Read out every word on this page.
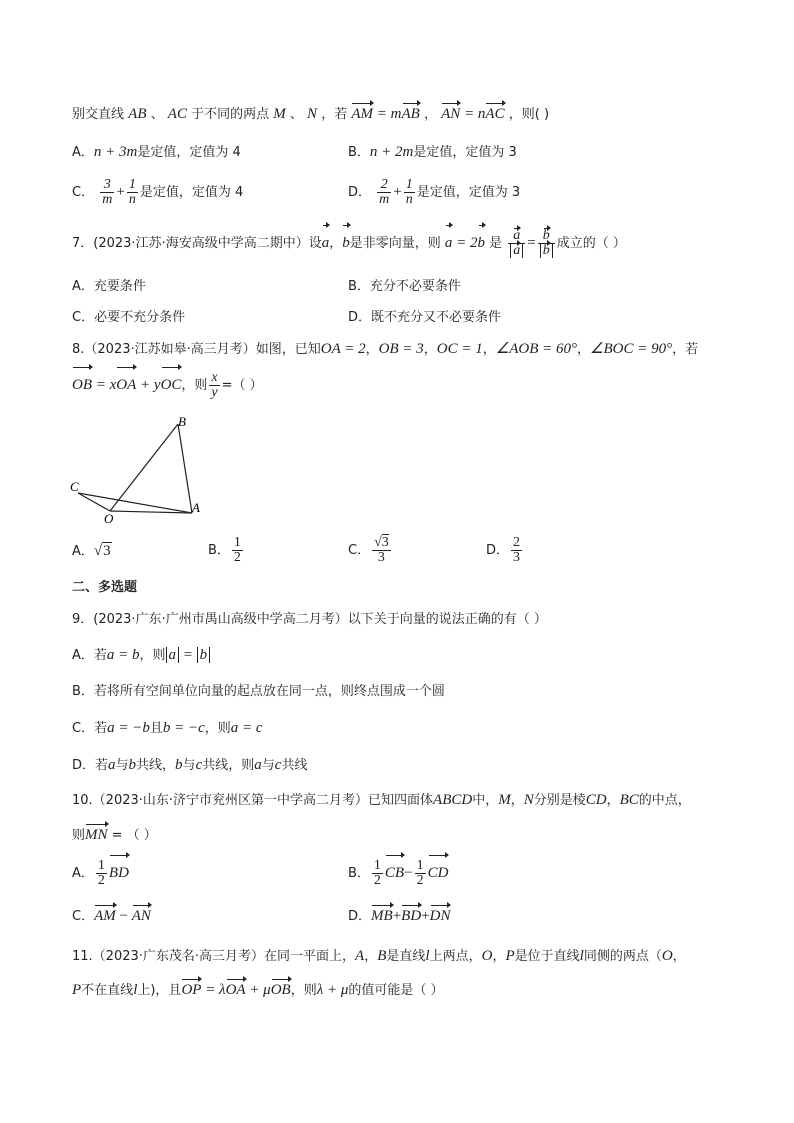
别交直线 AB 、 AC 于不同的两点 M 、 N ，若 AM = mAB ， AN = nAC ，则( )
A．n + 3m是定值，定值为 4	B．n + 2m是定值，定值为 3
C． $\frac{3}{m} + \frac{1}{n}$ 是定值，定值为 4	D． $\frac{2}{m} + \frac{1}{n}$ 是定值，定值为 3
7．(2023·江苏·海安高级中学高二期中）设a，b是非零向量，则 a = 2b 是 $\frac{a}{a} = \frac{b}{b}$ 成立的（ ）
A．充要条件	B．充分不必要条件
C．必要不充分条件	D．既不充分又不必要条件
8.（2023·江苏如皋·高三月考）如图，已知OA = 2，OB = 3，OC = 1，∠AOB = 60°，∠BOC = 90°，若
OB = xOA + yOC，则 $\frac{x}{y}$ =（ ）
B
C
O
A
A．√3	B． $\frac{1}{2}$	C． $\frac{√3}{3}$	D． $\frac{2}{3}$
二、多选题
9．(2023·广东·广州市禺山高级中学高二月考）以下关于向量的说法正确的有（ ）
A．若a = b，则 a = b
B．若将所有空间单位向量的起点放在同一点，则终点围成一个圆
C．若a = −b且b = −c，则a = c
D．若a与b共线，b与c共线，则a与c共线
10.（2023·山东·济宁市兖州区第一中学高二月考）已知四面体ABCD中，M，N分别是棱CD，BC的中点，
则MN = （ ）
A． $\frac{1}{2}$ BD	B． $\frac{1}{2} CB- \frac{1}{2}$ CD
C．AM − AN	D．MB+BD+DN
11.（2023·广东茂名·高三月考）在同一平面上，A，B是直线l上两点，O，P是位于直线l同侧的两点（O，
P不在直线l上)，且OP = λOA + μOB，则λ + μ的值可能是（ ）
